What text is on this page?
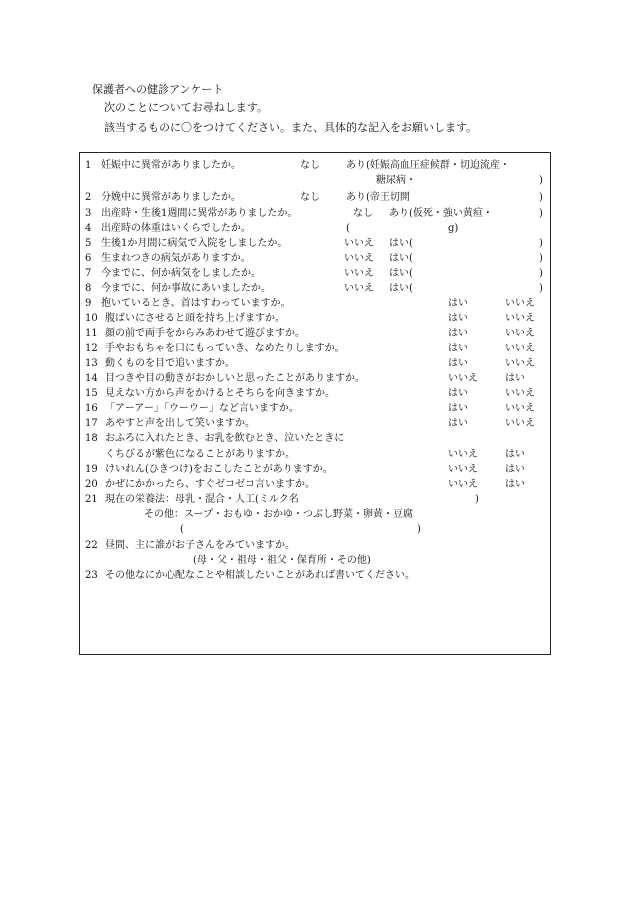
保護者への健診アンケート
次のことについてお尋ねします。
該当するものに〇をつけてください。また、具体的な記入をお願いします。
1 妊娠中に異常がありましたか。	なし	あり(妊娠高血圧症候群・切迫流産・
糖尿病・	)
2 分娩中に異常がありましたか。	なし	あり(帝王切開	)
3 出産時・生後1週間に異常がありましたか。	なし あり(仮死・強い黄疸・	)
4 出産時の体重はいくらでしたか。	(	g)
5 生後1か月間に病気で入院をしましたか。	いいえ はい(	)
6 生まれつきの病気がありますか。	いいえ はい(	)
7 今までに、何か病気をしましたか。	いいえ はい(	)
8 今までに、何か事故にあいましたか。	いいえ はい(	)
9 抱いているとき、首はすわっていますか。	はい	いいえ
10 腹ばいにさせると頭を持ち上げますか。	はい	いいえ
11 顔の前で両手をからみあわせて遊びますか。	はい	いいえ
12 手やおもちゃを口にもっていき、なめたりしますか。	はい	いいえ
13 動くものを目で追いますか。	はい	いいえ
14 目つきや目の動きがおかしいと思ったことがありますか。	いいえ	はい
15 見えない方から声をかけるとそちらを向きますか。	はい	いいえ
16 「アーアー」「ウーウー」など言いますか。	はい	いいえ
17 あやすと声を出して笑いますか。	はい	いいえ
18 おふろに入れたとき、お乳を飲むとき、泣いたときに
くちびるが紫色になることがありますか。	いいえ	はい
19 けいれん(ひきつけ)をおこしたことがありますか。	いいえ	はい
20 かぜにかかったら、すぐゼコゼコ言いますか。	いいえ	はい
21 現在の栄養法：母乳・混合・人工(ミルク名	)
その他：スープ・おもゆ・おかゆ・つぶし野菜・卵黄・豆腐
(	)
22 昼間、主に誰がお子さんをみていますか。
(母・父・祖母・祖父・保育所・その他)
23 その他なにか心配なことや相談したいことがあれば書いてください。
